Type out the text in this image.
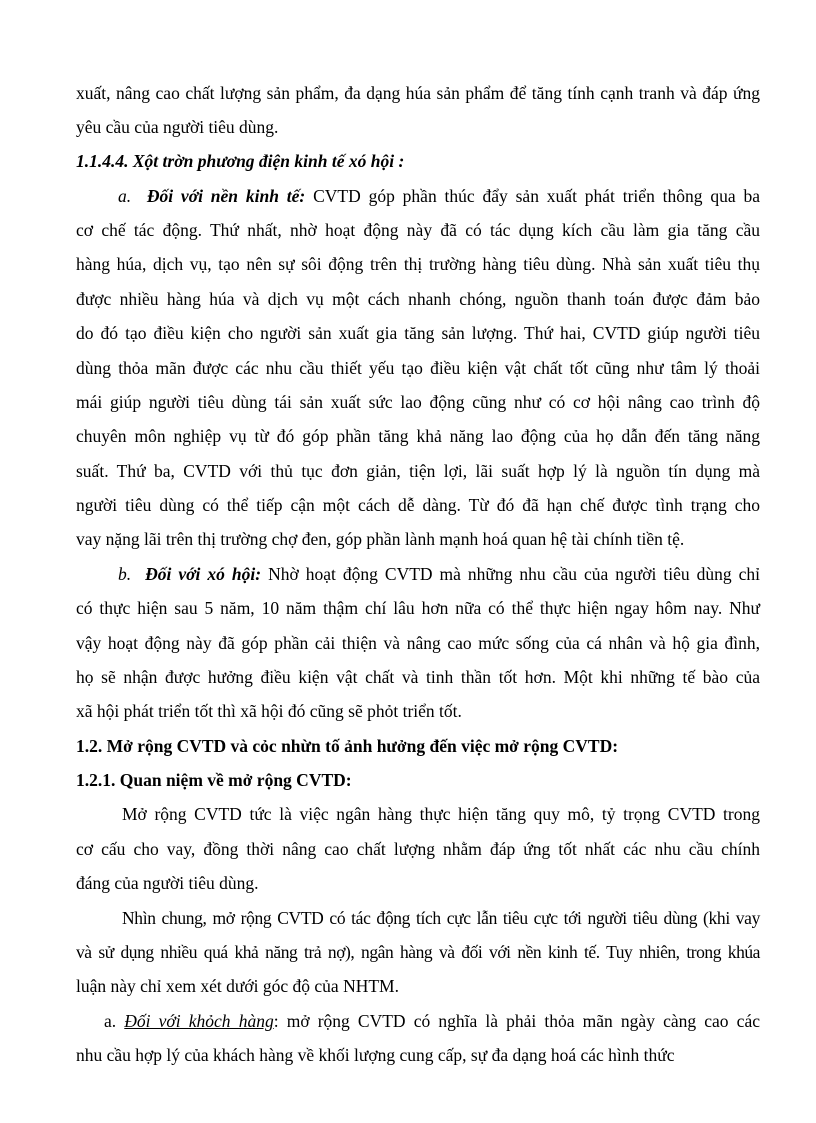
xuất, nâng cao chất lượng sản phẩm, đa dạng húa sản phẩm để tăng tính cạnh tranh và đáp ứng
yêu cầu của người tiêu dùng.
1.1.4.4. Xột trờn phương điện kinh tế xó hội :
a. Đối với nền kinh tế: CVTD góp phần thúc đẩy sản xuất phát triển thông qua ba
cơ chế tác động. Thứ nhất, nhờ hoạt động này đã có tác dụng kích cầu làm gia tăng cầu
hàng húa, dịch vụ, tạo nên sự sôi động trên thị trường hàng tiêu dùng. Nhà sản xuất tiêu thụ
được nhiều hàng húa và dịch vụ một cách nhanh chóng, nguồn thanh toán được đảm bảo
do đó tạo điều kiện cho người sản xuất gia tăng sản lượng. Thứ hai, CVTD giúp người tiêu
dùng thỏa mãn được các nhu cầu thiết yếu tạo điều kiện vật chất tốt cũng như tâm lý thoải
mái giúp người tiêu dùng tái sản xuất sức lao động cũng như có cơ hội nâng cao trình độ
chuyên môn nghiệp vụ từ đó góp phần tăng khả năng lao động của họ dẫn đến tăng năng
suất. Thứ ba, CVTD với thủ tục đơn giản, tiện lợi, lãi suất hợp lý là nguồn tín dụng mà
người tiêu dùng có thể tiếp cận một cách dễ dàng. Từ đó đã hạn chế được tình trạng cho
vay nặng lãi trên thị trường chợ đen, góp phần lành mạnh hoá quan hệ tài chính tiền tệ.
b. Đối với xó hội: Nhờ hoạt động CVTD mà những nhu cầu của người tiêu dùng chỉ
có thực hiện sau 5 năm, 10 năm thậm chí lâu hơn nữa có thể thực hiện ngay hôm nay. Như
vậy hoạt động này đã góp phần cải thiện và nâng cao mức sống của cá nhân và hộ gia đình,
họ sẽ nhận được hưởng điều kiện vật chất và tinh thần tốt hơn. Một khi những tế bào của
xã hội phát triển tốt thì xã hội đó cũng sẽ phỏt triển tốt.
1.2. Mở rộng CVTD và cỏc nhừn tố ảnh hưởng đến việc mở rộng CVTD:
1.2.1. Quan niệm về mở rộng CVTD:
Mở rộng CVTD tức là việc ngân hàng thực hiện tăng quy mô, tỷ trọng CVTD trong
cơ cấu cho vay, đồng thời nâng cao chất lượng nhằm đáp ứng tốt nhất các nhu cầu chính
đáng của người tiêu dùng.
Nhìn chung, mở rộng CVTD có tác động tích cực lẫn tiêu cực tới người tiêu dùng (khi vay
và sử dụng nhiều quá khả năng trả nợ), ngân hàng và đối với nền kinh tế. Tuy nhiên, trong khúa
luận này chỉ xem xét dưới góc độ của NHTM.
a. Đối với khỏch hàng: mở rộng CVTD có nghĩa là phải thỏa mãn ngày càng cao các
nhu cầu hợp lý của khách hàng về khối lượng cung cấp, sự đa dạng hoá các hình thức
